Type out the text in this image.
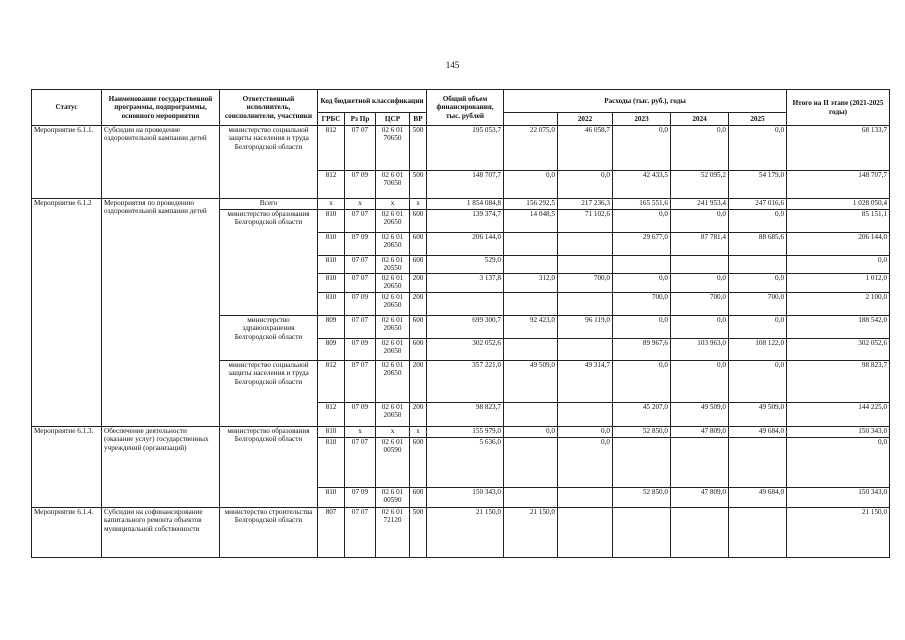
145
Статус	Наименование государственной программы, подпрограммы, основного мероприятия	Ответственный исполнитель, соисполнители, участники	Код бюджетной классификации				Общий объем финансирования, тыс. рублей	Расходы (тыс. руб.), годы					Итого на II этапе (2021-2025 годы)
			ГРБС	Рз Пр	ЦСР	ВР			2022	2023	2024	2025	

Мероприятие 6.1.1.	Субсидии на проведение оздоровительной кампании детей	министерство социальной защиты населения и труда Белгородской области	812	07 07	02 6 01 70650	500	195 053,7	22 075,0	46 058,7	0,0	0,0	0,0	68 133,7
			812	07 09	02 6 01 70650	500	148 707,7	0,0	0,0	42 433,5	52 095,2	54 179,0	148 707,7
Мероприятие 6.1.2	Мероприятия по проведению оздоровительной кампании детей	Всего	х	х	х	х	1 854 084,8	156 292,5	217 236,3	165 551,6	241 953,4	247 016,6	1 028 050,4
		министерство образования Белгородской области	810	07 07	02 6 01 20650	600	139 374,7	14 048,5	71 102,6	0,0	0,0	0,0	85 151,1
			810	07 09	02 6 01 20650	600	206 144,0			29 677,0	87 781,4	88 685,6	206 144,0
			810	07 07	02 6 01 20550	600	529,0						0,0
			810	07 07	02 6 01 20650	200	3 137,8	312,0	700,0	0,0	0,0	0,0	1 012,0
			810	07 09	02 6 01 20650	200				700,0	700,0	700,0	2 100,0
		министерство здравоохранения Белгородской области	809	07 07	02 6 01 20650	600	699 300,7	92 423,0	96 119,0	0,0	0,0	0,0	188 542,0
			809	07 09	02 6 01 20650	600	302 052,6			89 967,6	103 963,0	108 122,0	302 052,6
		министерство социальной защиты населения и труда Белгородской области	812	07 07	02 6 01 20650	200	357 221,0	49 509,0	49 314,7	0,0	0,0	0,0	98 823,7
			812	07 09	02 6 01 20650	200	98 823,7			45 207,0	49 509,0	49 509,0	144 225,0
Мероприятие 6.1.3.	Обеспечение деятельности (оказание услуг) государственных учреждений (организаций)	министерство образования Белгородской области	810	х	х	х	155 979,0	0,0	0,0	52 850,0	47 809,0	49 684,0	150 343,0
			810	07 07	02 6 01 00590	600	5 636,0		0,0				0,0
			810	07 09	02 6 01 00590	600	150 343,0			52 850,0	47 809,0	49 684,0	150 343,0
Мероприятие 6.1.4.	Субсидии на софинансирование капитального ремонта объектов муниципальной собственности	министерство строительства Белгородской области	807	07 07	02 6 01 72120	500	21 150,0	21 150,0					21 150,0
